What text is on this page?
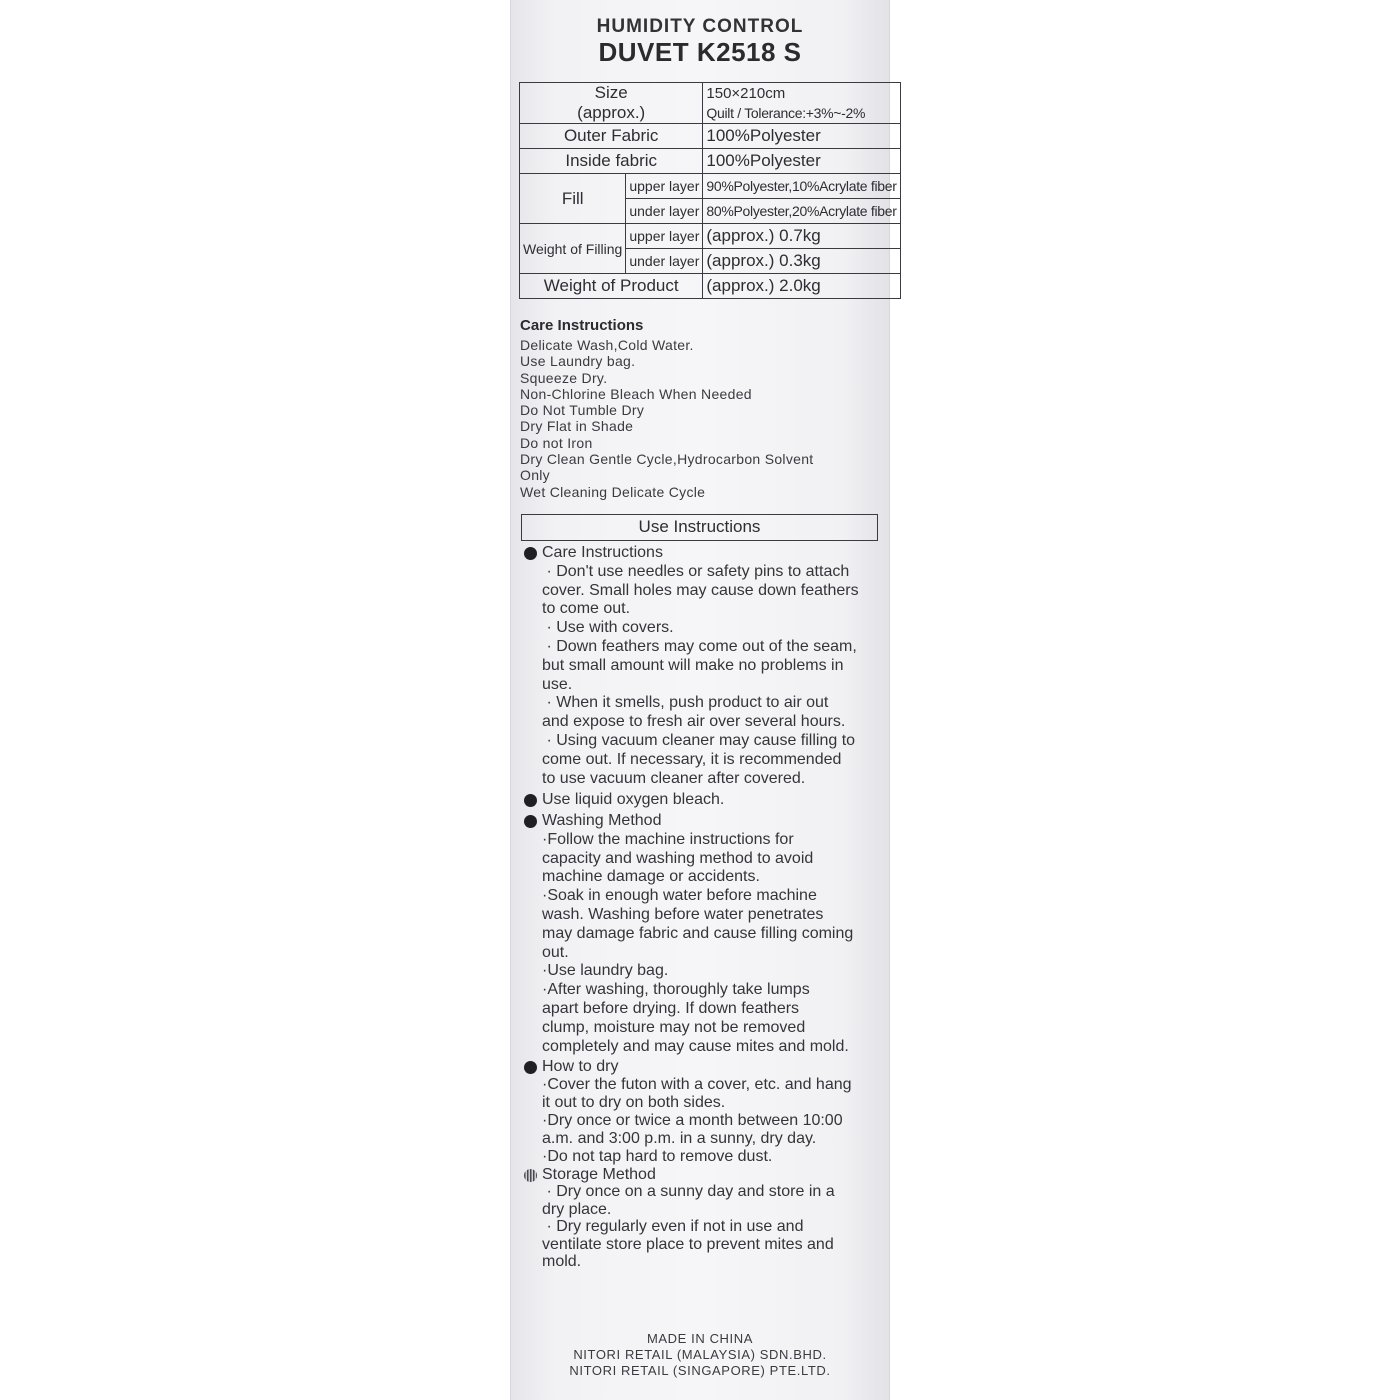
HUMIDITY CONTROL
DUVET K2518 S
Size
(approx.)		150×210cm
		Quilt / Tolerance:+3%~-2%
Outer Fabric		100%Polyester
Inside fabric		100%Polyester
Fill	upper layer	90%Polyester,10%Acrylate fiber
	under layer	80%Polyester,20%Acrylate fiber
Weight of Filling	upper layer	(approx.) 0.7kg
	under layer	(approx.) 0.3kg
Weight of Product		(approx.) 2.0kg
Care Instructions
Delicate Wash,Cold Water.
Use Laundry bag.
Squeeze Dry.
Non-Chlorine Bleach When Needed
Do Not Tumble Dry
Dry Flat in Shade
Do not Iron
Dry Clean Gentle Cycle,Hydrocarbon Solvent
Only
Wet Cleaning Delicate Cycle
Use Instructions
Care Instructions
· Don't use needles or safety pins to attach
cover. Small holes may cause down feathers
to come out.
· Use with covers.
· Down feathers may come out of the seam,
but small amount will make no problems in
use.
· When it smells, push product to air out
and expose to fresh air over several hours.
· Using vacuum cleaner may cause filling to
come out. If necessary, it is recommended
to use vacuum cleaner after covered.
Use liquid oxygen bleach.
Washing Method
·Follow the machine instructions for
capacity and washing method to avoid
machine damage or accidents.
·Soak in enough water before machine
wash. Washing before water penetrates
may damage fabric and cause filling coming
out.
·Use laundry bag.
·After washing, thoroughly take lumps
apart before drying. If down feathers
clump, moisture may not be removed
completely and may cause mites and mold.
How to dry
·Cover the futon with a cover, etc. and hang
it out to dry on both sides.
·Dry once or twice a month between 10:00
a.m. and 3:00 p.m. in a sunny, dry day.
·Do not tap hard to remove dust.
Storage Method
· Dry once on a sunny day and store in a
dry place.
· Dry regularly even if not in use and
ventilate store place to prevent mites and
mold.
MADE IN CHINA
NITORI RETAIL (MALAYSIA) SDN.BHD.
NITORI RETAIL (SINGAPORE) PTE.LTD.
